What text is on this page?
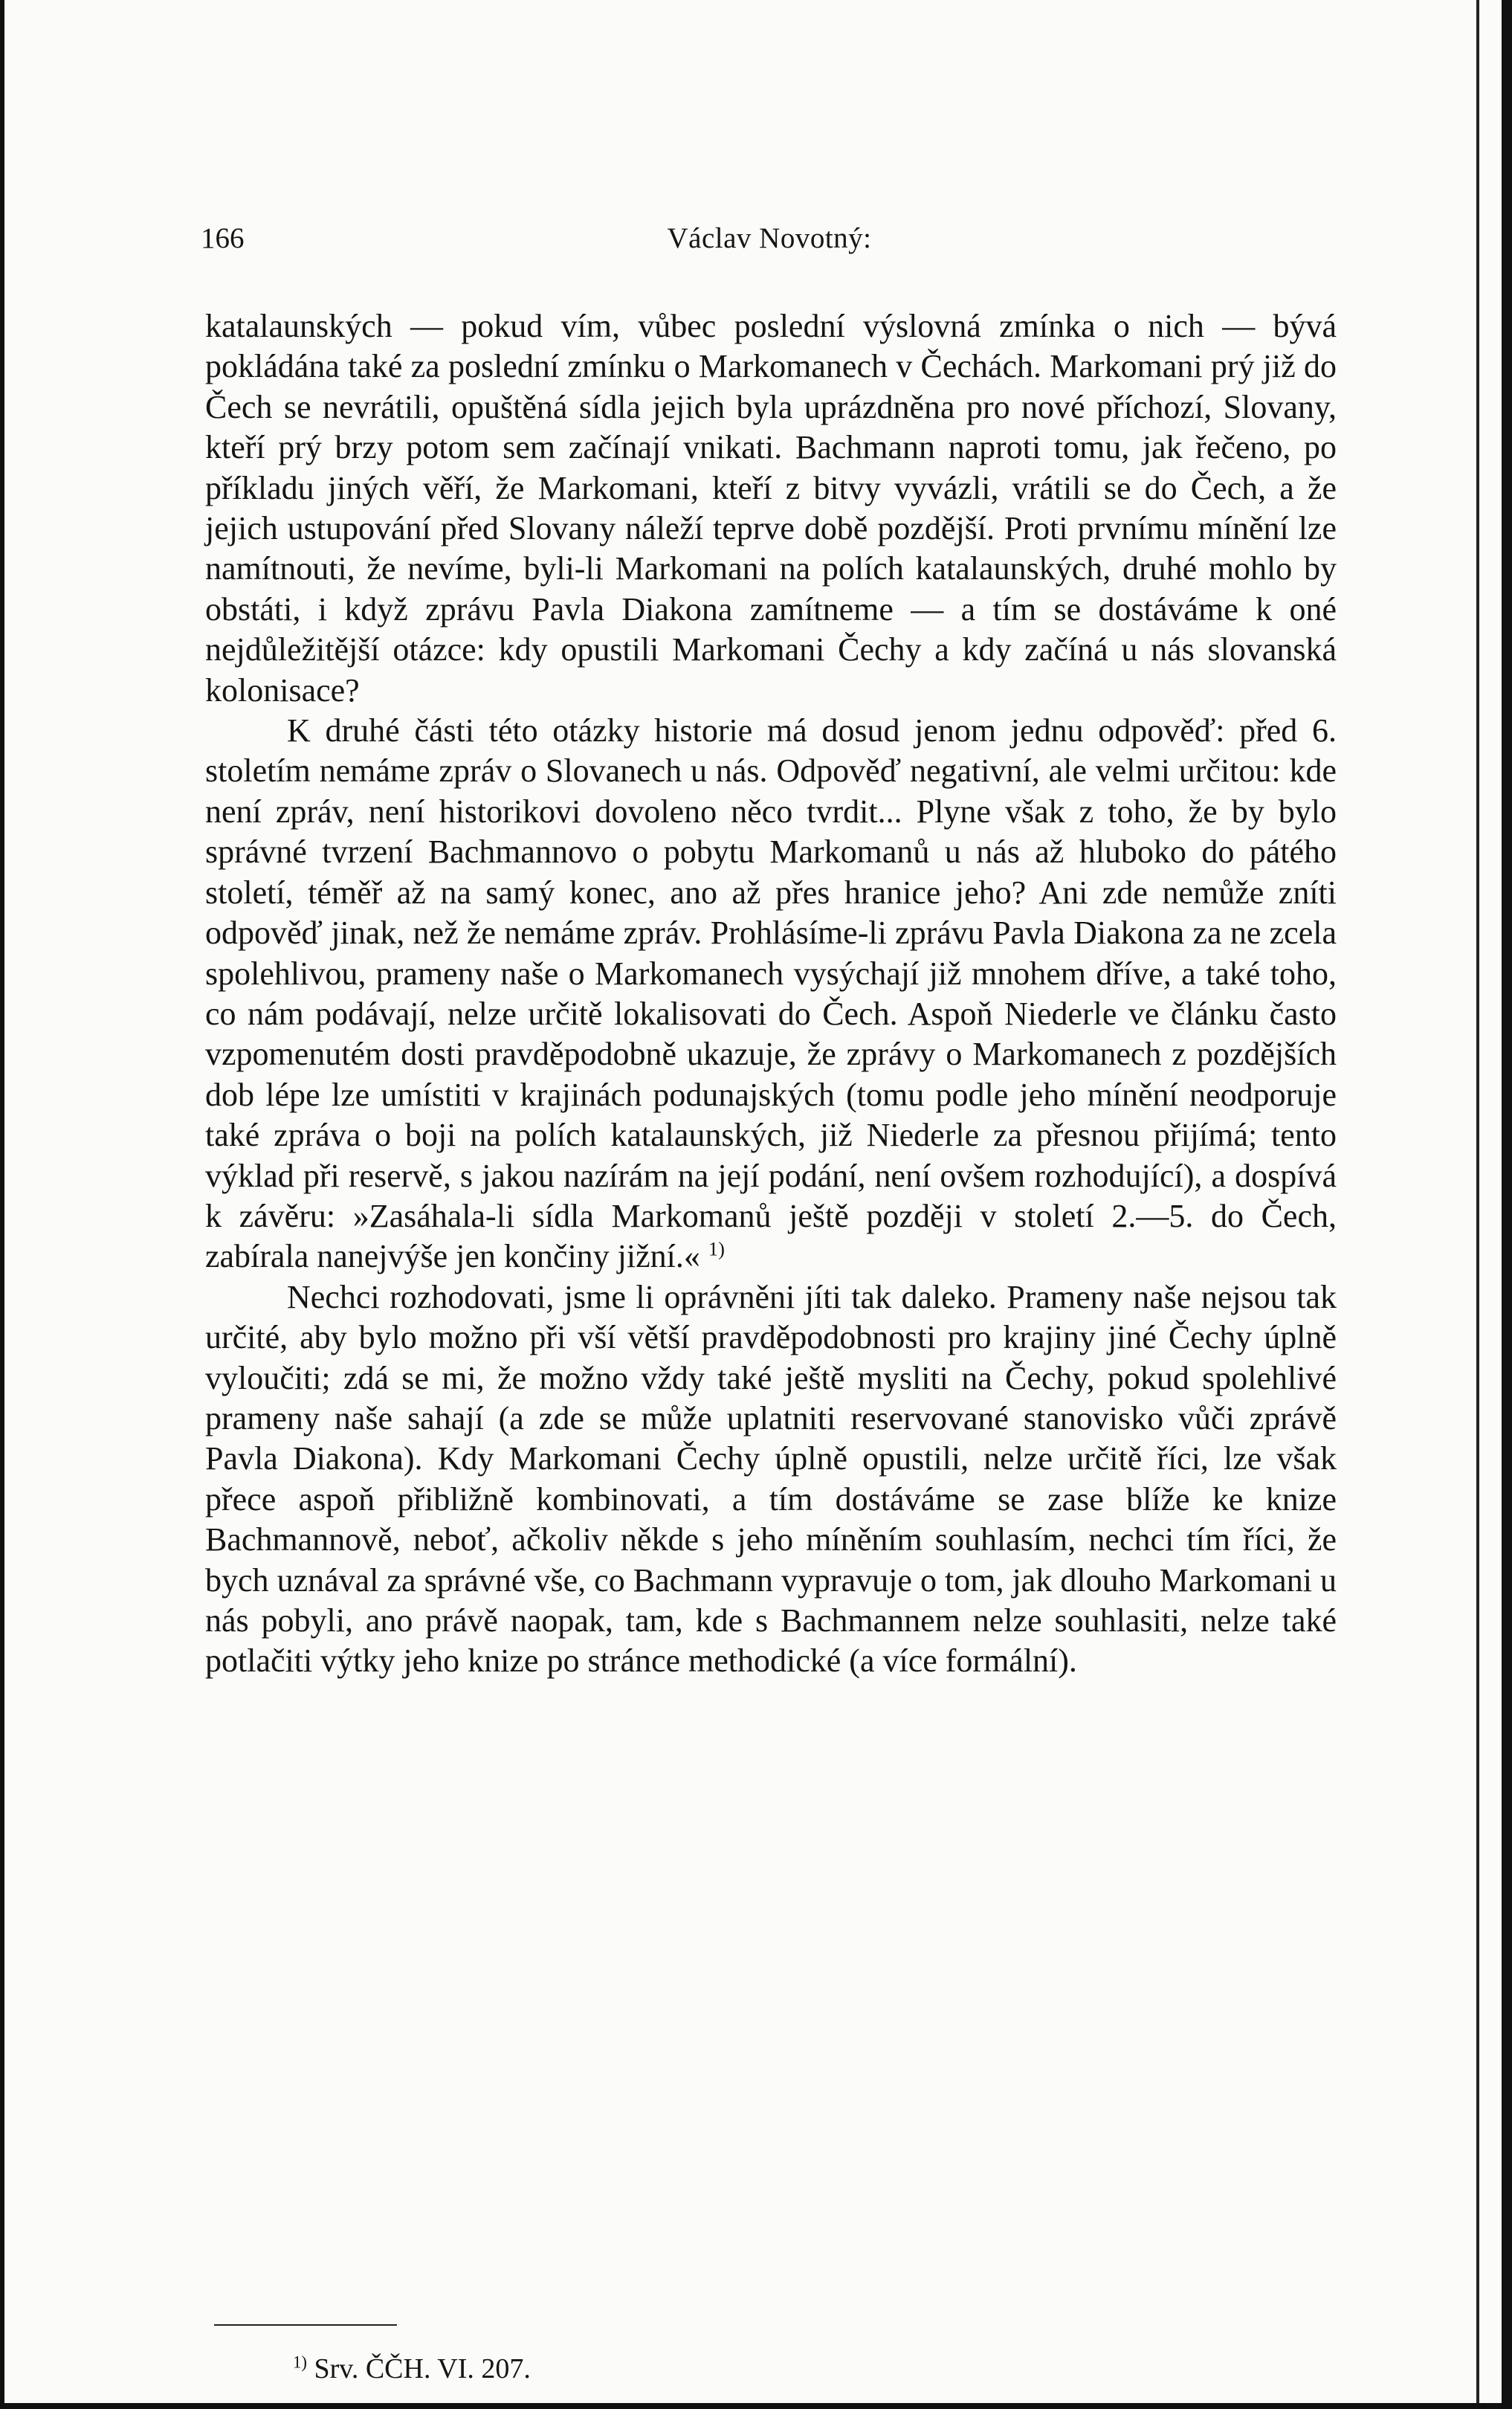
166	Václav Novotný:

katalaunských — pokud vím, vůbec poslední výslovná zmínka o nich — bývá pokládána také za poslední zmínku o Markomanech v Čechách. Markomani prý již do Čech se nevrátili, opuštěná sídla jejich byla uprázdněna pro nové příchozí, Slovany, kteří prý brzy potom sem začínají vnikati. Bachmann naproti tomu, jak řečeno, po příkladu jiných věří, že Markomani, kteří z bitvy vyvázli, vrátili se do Čech, a že jejich ustupování před Slovany náleží teprve době pozdější. Proti prvnímu mínění lze namítnouti, že nevíme, byli-li Markomani na polích katalaunských, druhé mohlo by obstáti, i když zprávu Pavla Diakona zamítneme — a tím se dostáváme k oné nejdůležitější otázce: kdy opustili Markomani Čechy a kdy začíná u nás slovanská kolonisace?

K druhé části této otázky historie má dosud jenom jednu odpověď: před 6. stoletím nemáme zpráv o Slovanech u nás. Odpověď negativní, ale velmi určitou: kde není zpráv, není historikovi dovoleno něco tvrdit... Plyne však z toho, že by bylo správné tvrzení Bachmannovo o pobytu Markomanů u nás až hluboko do pátého století, téměř až na samý konec, ano až přes hranice jeho? Ani zde nemůže zníti odpověď jinak, než že nemáme zpráv. Prohlásíme-li zprávu Pavla Diakona za ne zcela spolehlivou, prameny naše o Markomanech vysýchají již mnohem dříve, a také toho, co nám podávají, nelze určitě lokalisovati do Čech. Aspoň Niederle ve článku často vzpomenutém dosti pravděpodobně ukazuje, že zprávy o Markomanech z pozdějších dob lépe lze umístiti v krajinách podunajských (tomu podle jeho mínění neodporuje také zpráva o boji na polích katalaunských, již Niederle za přesnou přijímá; tento výklad při reservě, s jakou nazírám na její podání, není ovšem rozhodující), a dospívá k závěru: »Zasáhala-li sídla Markomanů ještě později v století 2.—5. do Čech, zabírala nanejvýše jen končiny jižní.« $^{1)}$

Nechci rozhodovati, jsme li oprávněni jíti tak daleko. Prameny naše nejsou tak určité, aby bylo možno při vší větší pravděpodobnosti pro krajiny jiné Čechy úplně vyloučiti; zdá se mi, že možno vždy také ještě mysliti na Čechy, pokud spolehlivé prameny naše sahají (a zde se může uplatniti reservované stanovisko vůči zprávě Pavla Diakona). Kdy Markomani Čechy úplně opustili, nelze určitě říci, lze však přece aspoň přibližně kombinovati, a tím dostáváme se zase blíže ke knize Bachmannově, neboť, ačkoliv někde s jeho míněním souhlasím, nechci tím říci, že bych uznával za správné vše, co Bachmann vypravuje o tom, jak dlouho Markomani u nás pobyli, ano právě naopak, tam, kde s Bachmannem nelze souhlasiti, nelze také potlačiti výtky jeho knize po stránce methodické (a více formální).

$^{1)}$ Srv. ČČH. VI. 207.
